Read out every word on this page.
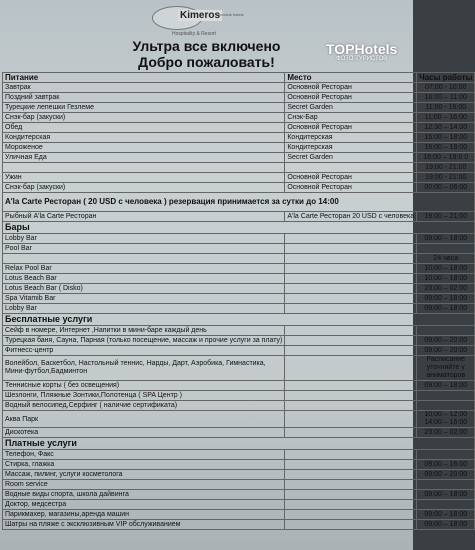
Kimeros
ecoclub hotels
Hospitality & Resort
TOPHotels
ФОТО ТУРИСТОВ
Ультра все включено
Добро пожаловать!
Питание	Место	Часы работы
Завтрак	Основной Ресторан	07:00 - 10:00
Поздний завтрак	Основной Ресторан	10:00 – 11:00
Турецкие лепешки Гезлеме	Secret Garden	11:00 - 16:00
Снэк-бар (закуски)	Снэк-Бар	11:00 – 16:00
Обед	Основной Ресторан	12:30 – 14:00
Кондитерская	Кондитерская	15:00 – 18:00
Мороженое	Кондитерская	16:00 – 18:00
Уличная Еда	Secret Garden	16:00 – 18:0 0
		19:00 - 21:00
Ужин	Основной Ресторан	19:00 - 21:00
Снэк-бар (закуски)	Основной Ресторан	00:00 – 06:00
A'la Carte Ресторан ( 20 USD с человека ) резервация принимается за сутки до 14:00		
Рыбный A'la Carte Ресторан	A'la Carte Ресторан 20 USD с человека	19:00 – 21:00
Бары		
Lobby Bar		09:00 – 18:00
Pool Bar		
		24 часа
Relax Pool Bar		10:00 – 18:00
Lotus Beach Bar		10:00 – 18:00
Lotus Beach Bar ( Disko)		23:00 – 02:00
Spa Vitamib Bar		09:00 – 18:00
Lobby Bar		09:00 – 18:00
Бесплатные услуги		
Сейф в номере, Интернет ,Напитки в мини-баре каждый день		
Турецкая баня, Сауна, Парная (только посещение, массаж и прочие услуги за плату)		09:00 – 20:00
Фитнесс-центр		09:00 – 20:00
Волейбол, Баскетбол, Настольный теннис, Нарды, Дарт, Аэробика, Гимнастика, Мини-футбол,Бадминтон		Расписание уточняйте у аниматоров
Теннисные корты ( без освещения)		09:00 – 18:00
Шезлонги, Пляжные Зонтики,Полотенца ( SPA Центр )		
Водный велосипед,Серфинг ( наличие сертификата)		
Аква Парк		10:00 – 12:00
14:00 – 16:00
Дискотека		23:00 – 02:00
Платные услуги		
Телефон, Факс		
Стирка, глажка		09:00 – 16:00
Массаж, пилинг, услуги косметолога		09:00 – 20:00
Room service		
Водные виды спорта, школа дайвинга		09:00 – 18:00
Доктор, медсестра		
Парикмахер, магазины,аренда машин		09:00 – 18:00
Шатры на пляже с эксклюзивным VIP обслуживанием		09:00 – 18:00
